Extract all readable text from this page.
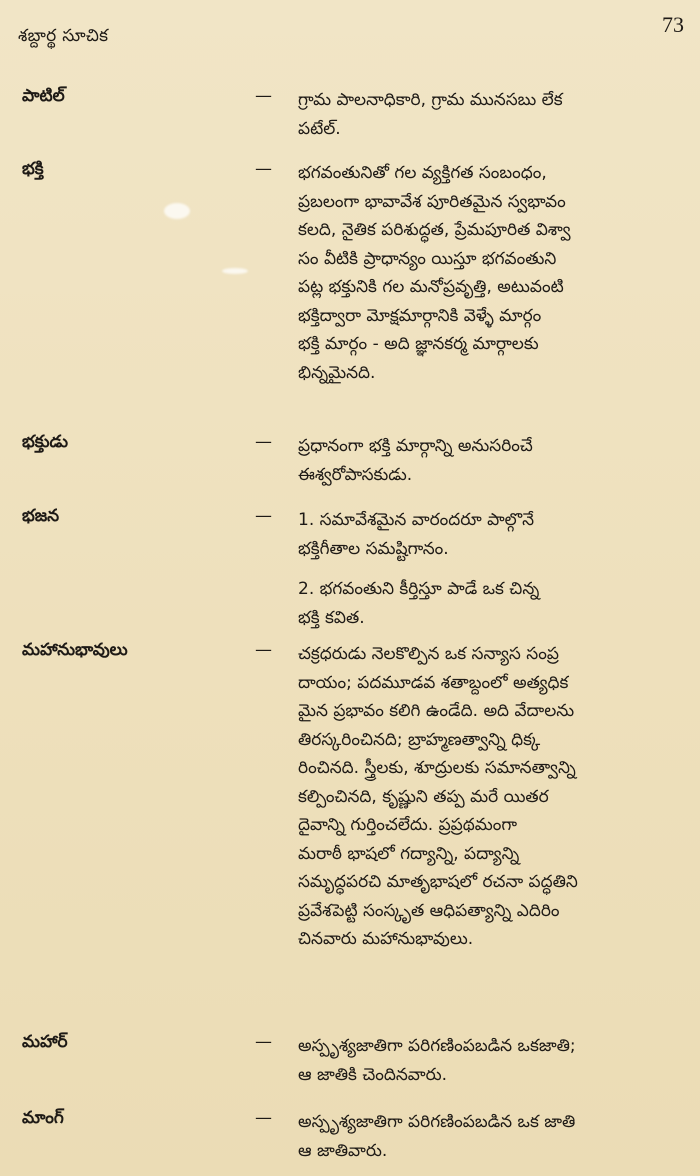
శబ్దార్థ సూచిక	73
పాటిల్	— గ్రామ పాలనాధికారి, గ్రామ మునసబు లేక
పటేల్.
భక్తి	— భగవంతునితో గల వ్యక్తిగత సంబంధం,
ప్రబలంగా భావావేశ పూరితమైన స్వభావం
కలది, నైతిక పరిశుద్ధత, ప్రేమపూరిత విశ్వా
సం వీటికి ప్రాధాన్యం యిస్తూ భగవంతుని
పట్ల భక్తునికి గల మనోప్రవృత్తి, అటువంటి
భక్తిద్వారా మోక్షమార్గానికి వెళ్ళే మార్గం
భక్తి మార్గం - అది జ్ఞానకర్మ మార్గాలకు
భిన్నమైనది.
భక్తుడు	— ప్రధానంగా భక్తి మార్గాన్ని అనుసరించే
ఈశ్వరోపాసకుడు.
భజన	— 1. సమావేశమైన వారందరూ పాల్గొనే
భక్తిగీతాల సమష్టిగానం.
2. భగవంతుని కీర్తిస్తూ పాడే ఒక చిన్న
భక్తి కవిత.
మహానుభావులు	— చక్రధరుడు నెలకొల్పిన ఒక సన్యాస సంప్ర
దాయం; పదమూడవ శతాబ్దంలో అత్యధిక
మైన ప్రభావం కలిగి ఉండేది. అది వేదాలను
తిరస్కరించినది; బ్రాహ్మణత్వాన్ని ధిక్క
రించినది. స్త్రీలకు, శూద్రులకు సమానత్వాన్ని
కల్పించినది, కృష్ణుని తప్ప మరే యితర
దైవాన్ని గుర్తించలేదు. ప్రప్రథమంగా
మరాఠీ భాషలో గద్యాన్ని, పద్యాన్ని
సమృద్ధపరచి మాతృభాషలో రచనా పద్ధతిని
ప్రవేశపెట్టి సంస్కృత ఆధిపత్యాన్ని ఎదిరిం
చినవారు మహానుభావులు.
మహార్	— అస్పృశ్యజాతిగా పరిగణింపబడిన ఒకజాతి;
ఆ జాతికి చెందినవారు.
మాంగ్	— అస్పృశ్యజాతిగా పరిగణింపబడిన ఒక జాతి
ఆ జాతివారు.
